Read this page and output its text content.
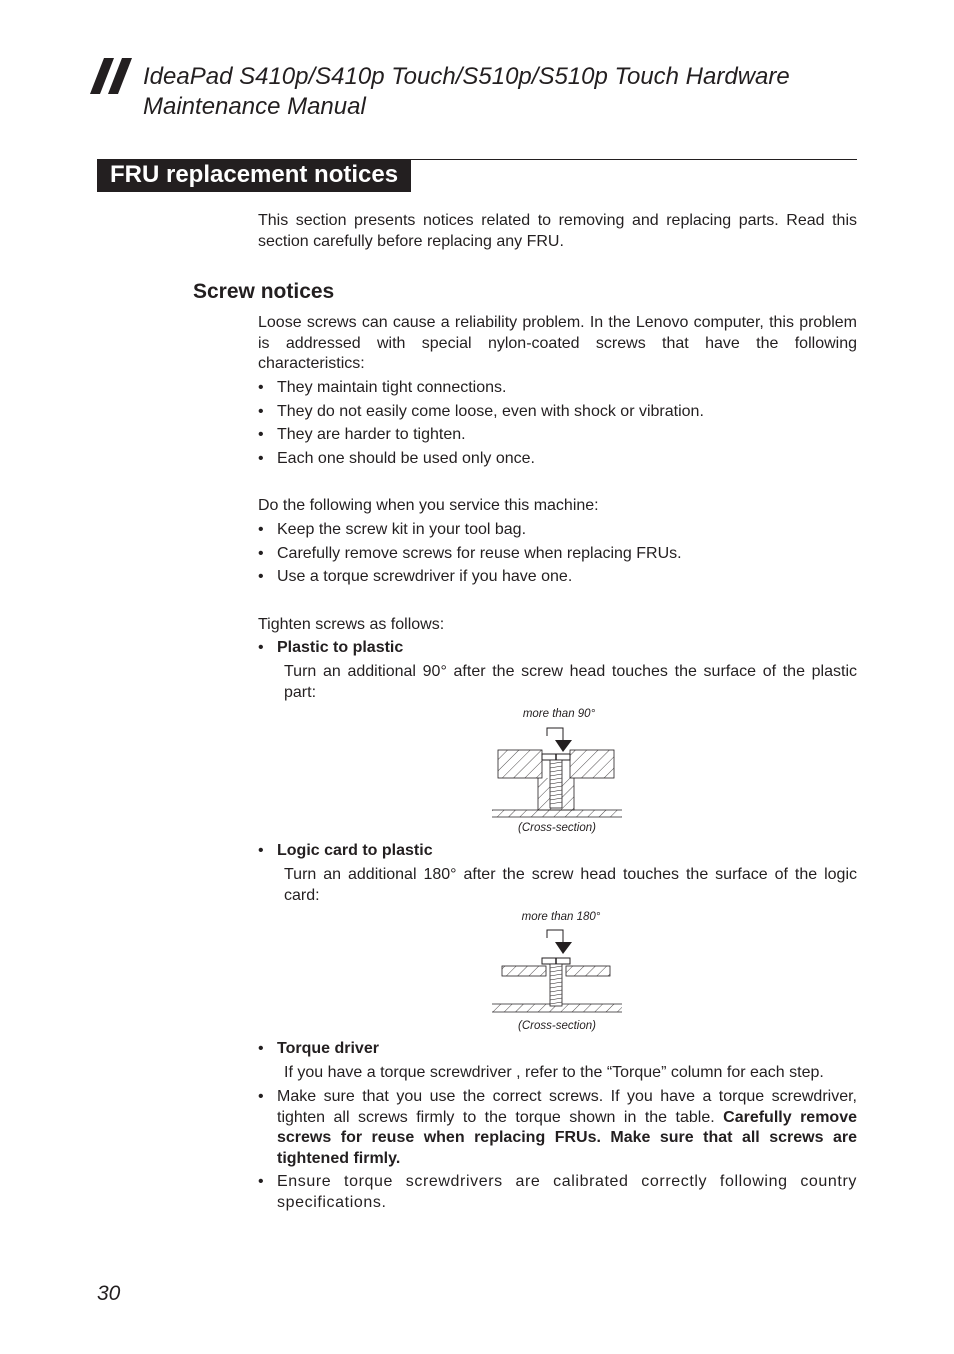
IdeaPad S410p/S410p Touch/S510p/S510p Touch Hardware
Maintenance Manual
FRU replacement notices
This section presents notices related to removing and replacing parts. Read this section carefully before replacing any FRU.
Screw notices
Loose screws can cause a reliability problem. In the Lenovo computer, this problem is addressed with special nylon-coated screws that have the following characteristics:
• They maintain tight connections.
• They do not easily come loose, even with shock or vibration.
• They are harder to tighten.
• Each one should be used only once.
Do the following when you service this machine:
• Keep the screw kit in your tool bag.
• Carefully remove screws for reuse when replacing FRUs.
• Use a torque screwdriver if you have one.
Tighten screws as follows:
• Plastic to plastic
Turn an additional 90° after the screw head touches the surface of the plastic part:
more than 90°
(Cross-section)
• Logic card to plastic
Turn an additional 180° after the screw head touches the surface of the logic card:
more than 180°
(Cross-section)
• Torque driver
If you have a torque screwdriver , refer to the “Torque” column for each step.
• Make sure that you use the correct screws. If you have a torque screwdriver, tighten all screws firmly to the torque shown in the table. Carefully remove screws for reuse when replacing FRUs. Make sure that all screws are tightened firmly.
• Ensure torque screwdrivers are calibrated correctly following country specifications.
30
